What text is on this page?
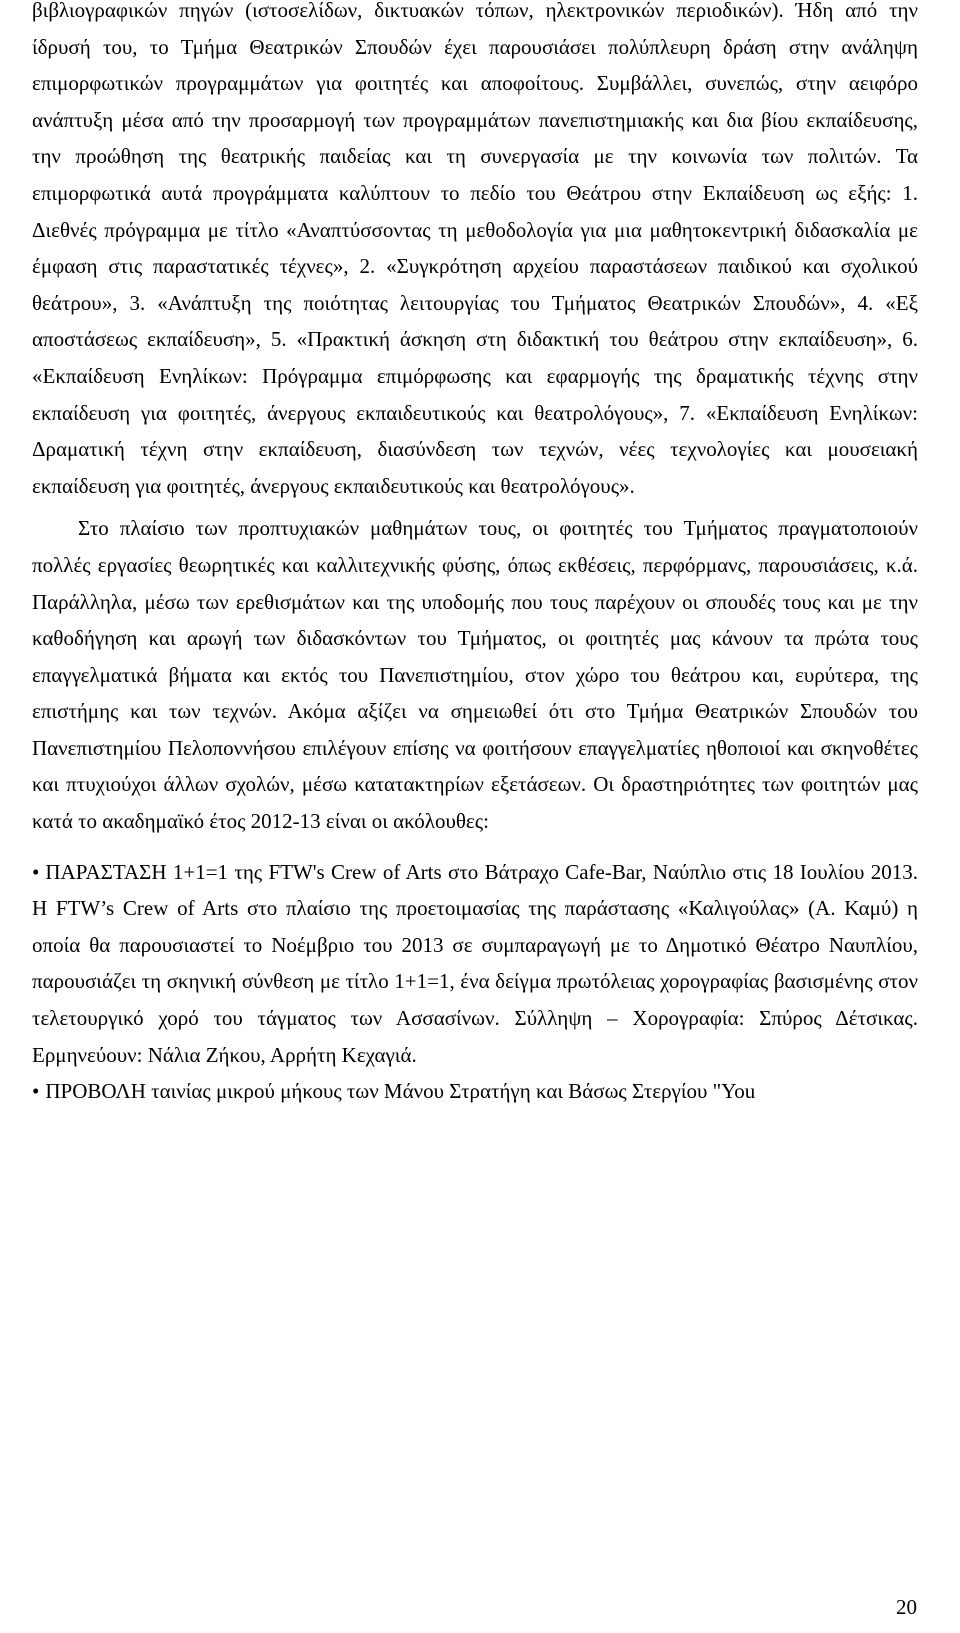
βιβλιογραφικών πηγών (ιστοσελίδων, δικτυακών τόπων, ηλεκτρονικών περιοδικών). Ήδη από την ίδρυσή του, το Τμήμα Θεατρικών Σπουδών έχει παρουσιάσει πολύπλευρη δράση στην ανάληψη επιμορφωτικών προγραμμάτων για φοιτητές και αποφοίτους. Συμβάλλει, συνεπώς, στην αειφόρο ανάπτυξη μέσα από την προσαρμογή των προγραμμάτων πανεπιστημιακής και δια βίου εκπαίδευσης, την προώθηση της θεατρικής παιδείας και τη συνεργασία με την κοινωνία των πολιτών. Τα επιμορφωτικά αυτά προγράμματα καλύπτουν το πεδίο του Θεάτρου στην Εκπαίδευση ως εξής: 1. Διεθνές πρόγραμμα με τίτλο «Αναπτύσσοντας τη μεθοδολογία για μια μαθητοκεντρική διδασκαλία με έμφαση στις παραστατικές τέχνες», 2. «Συγκρότηση αρχείου παραστάσεων παιδικού και σχολικού θεάτρου», 3. «Ανάπτυξη της ποιότητας λειτουργίας του Τμήματος Θεατρικών Σπουδών», 4. «Εξ αποστάσεως εκπαίδευση», 5. «Πρακτική άσκηση στη διδακτική του θεάτρου στην εκπαίδευση», 6. «Εκπαίδευση Ενηλίκων: Πρόγραμμα επιμόρφωσης και εφαρμογής της δραματικής τέχνης στην εκπαίδευση για φοιτητές, άνεργους εκπαιδευτικούς και θεατρολόγους», 7. «Εκπαίδευση Ενηλίκων: Δραματική τέχνη στην εκπαίδευση, διασύνδεση των τεχνών, νέες τεχνολογίες και μουσειακή εκπαίδευση για φοιτητές, άνεργους εκπαιδευτικούς και θεατρολόγους».

Στο πλαίσιο των προπτυχιακών μαθημάτων τους, οι φοιτητές του Τμήματος πραγματοποιούν πολλές εργασίες θεωρητικές και καλλιτεχνικής φύσης, όπως εκθέσεις, περφόρμανς, παρουσιάσεις, κ.ά. Παράλληλα, μέσω των ερεθισμάτων και της υποδομής που τους παρέχουν οι σπουδές τους και με την καθοδήγηση και αρωγή των διδασκόντων του Τμήματος, οι φοιτητές μας κάνουν τα πρώτα τους επαγγελματικά βήματα και εκτός του Πανεπιστημίου, στον χώρο του θεάτρου και, ευρύτερα, της επιστήμης και των τεχνών. Ακόμα αξίζει να σημειωθεί ότι στο Τμήμα Θεατρικών Σπουδών του Πανεπιστημίου Πελοποννήσου επιλέγουν επίσης να φοιτήσουν επαγγελματίες ηθοποιοί και σκηνοθέτες και πτυχιούχοι άλλων σχολών, μέσω κατατακτηρίων εξετάσεων. Οι δραστηριότητες των φοιτητών μας κατά το ακαδημαϊκό έτος 2012-13 είναι οι ακόλουθες:

• ΠΑΡΑΣΤΑΣΗ 1+1=1 της FTW's Crew of Arts στο Βάτραχο Cafe-Bar, Ναύπλιο στις 18 Ιουλίου 2013. Η FTW’s Crew of Arts στο πλαίσιο της προετοιμασίας της παράστασης «Καλιγούλας» (Α. Καμύ) η οποία θα παρουσιαστεί το Νοέμβριο του 2013 σε συμπαραγωγή με το Δημοτικό Θέατρο Ναυπλίου, παρουσιάζει τη σκηνική σύνθεση με τίτλο 1+1=1, ένα δείγμα πρωτόλειας χορογραφίας βασισμένης στον τελετουργικό χορό του τάγματος των Ασσασίνων. Σύλληψη – Χορογραφία: Σπύρος Δέτσικας. Ερμηνεύουν: Νάλια Ζήκου, Αρρήτη Κεχαγιά.

• ΠΡΟΒΟΛΗ ταινίας μικρού μήκους των Μάνου Στρατήγη και Βάσως Στεργίου "You

20
